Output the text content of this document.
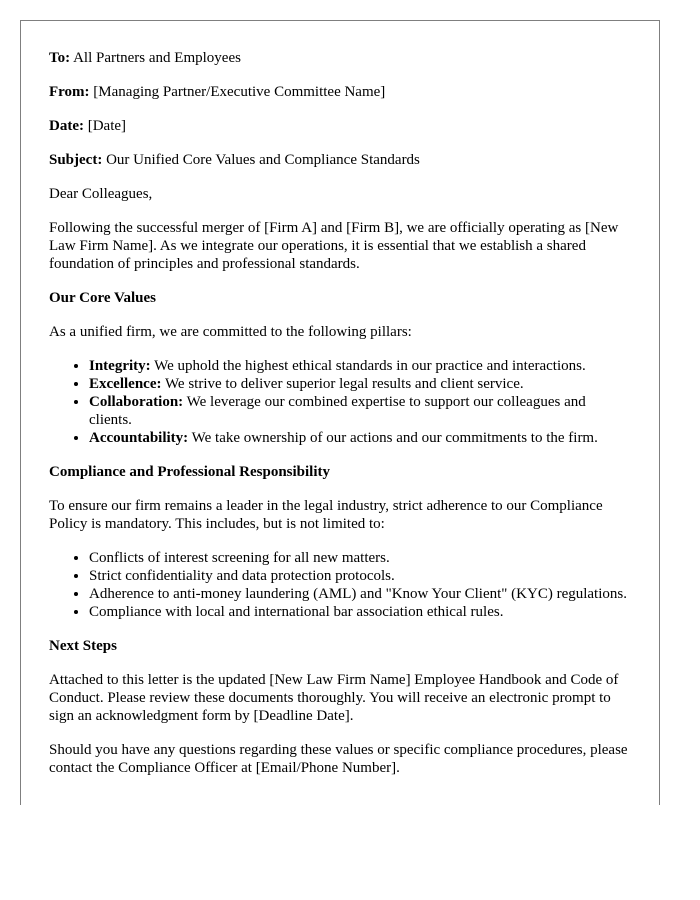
To: All Partners and Employees

From: [Managing Partner/Executive Committee Name]

Date: [Date]

Subject: Our Unified Core Values and Compliance Standards

Dear Colleagues,

Following the successful merger of [Firm A] and [Firm B], we are officially operating as [New Law Firm Name]. As we integrate our operations, it is essential that we establish a shared foundation of principles and professional standards.

Our Core Values

As a unified firm, we are committed to the following pillars:

• Integrity: We uphold the highest ethical standards in our practice and interactions.
• Excellence: We strive to deliver superior legal results and client service.
• Collaboration: We leverage our combined expertise to support our colleagues and clients.
• Accountability: We take ownership of our actions and our commitments to the firm.
Compliance and Professional Responsibility

To ensure our firm remains a leader in the legal industry, strict adherence to our Compliance Policy is mandatory. This includes, but is not limited to:

• Conflicts of interest screening for all new matters.
• Strict confidentiality and data protection protocols.
• Adherence to anti-money laundering (AML) and "Know Your Client" (KYC) regulations.
• Compliance with local and international bar association ethical rules.
Next Steps

Attached to this letter is the updated [New Law Firm Name] Employee Handbook and Code of Conduct. Please review these documents thoroughly. You will receive an electronic prompt to sign an acknowledgment form by [Deadline Date].

Should you have any questions regarding these values or specific compliance procedures, please contact the Compliance Officer at [Email/Phone Number].
